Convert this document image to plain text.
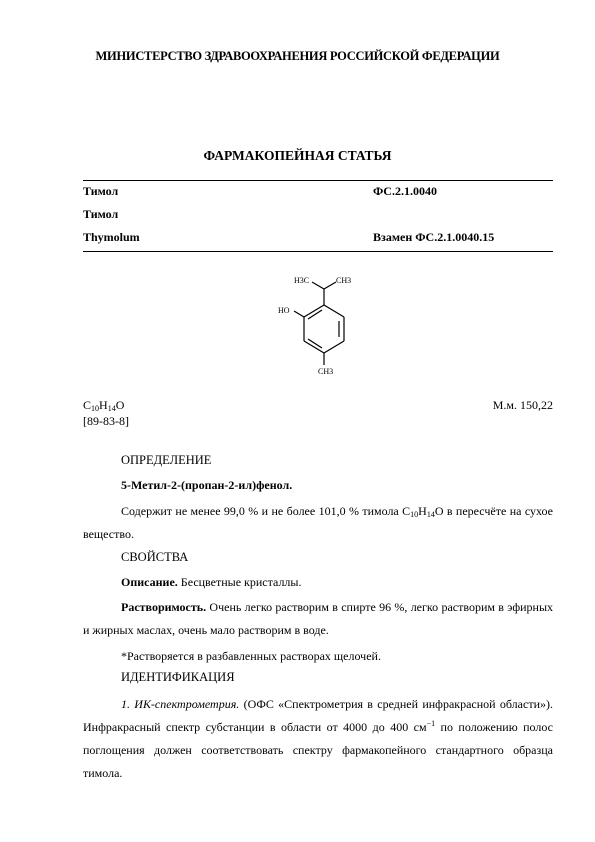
МИНИСТЕРСТВО ЗДРАВООХРАНЕНИЯ РОССИЙСКОЙ ФЕДЕРАЦИИ
ФАРМАКОПЕЙНАЯ СТАТЬЯ
Тимол	ФС.2.1.0040
Тимол
Thymolum	Взамен ФС.2.1.0040.15
H3C	CH3
HO
CH3
$C_{10}H_{14}O$	М.м. 150,22
[89-83-8]
ОПРЕДЕЛЕНИЕ
5-Метил-2-(пропан-2-ил)фенол.
Содержит не менее 99,0 % и не более 101,0 % тимола $C_{10}H_{14}O$ в пересчёте на сухое вещество.
СВОЙСТВА
Описание. Бесцветные кристаллы.
Растворимость. Очень легко растворим в спирте 96 %, легко растворим в эфирных и жирных маслах, очень мало растворим в воде.
*Растворяется в разбавленных растворах щелочей.
ИДЕНТИФИКАЦИЯ
1. ИК-спектрометрия. (ОФС «Спектрометрия в средней инфракрасной области»). Инфракрасный спектр субстанции в области от 4000 до 400 $см^{-1}$ по положению полос поглощения должен соответствовать спектру фармакопейного стандартного образца тимола.
